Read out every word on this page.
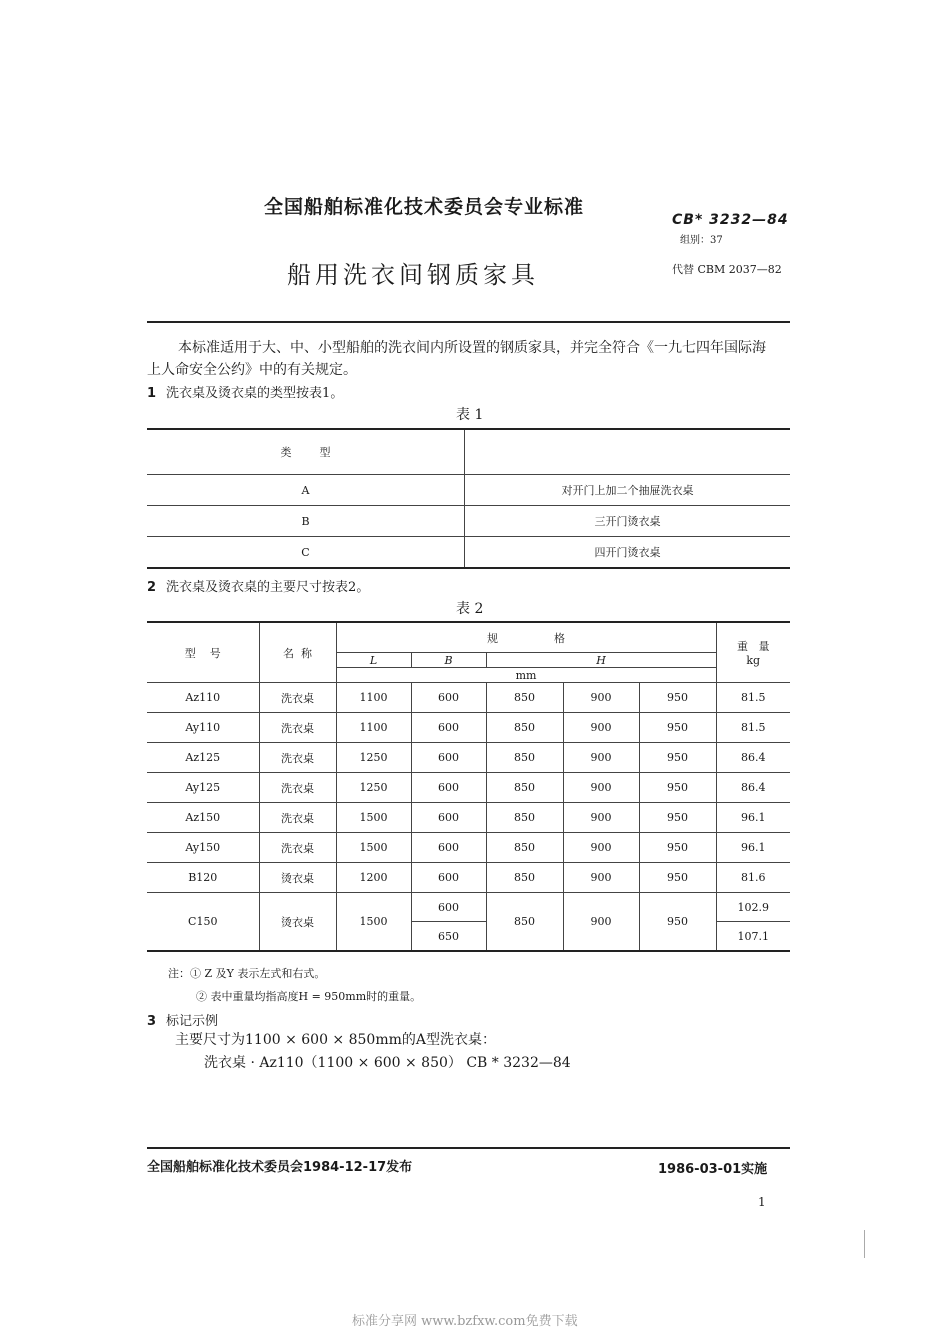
全国船舶标准化技术委员会专业标准
CB* 3232—84
组别：37
船用洗衣间钢质家具	代替 CBM 2037—82
本标准适用于大、中、小型船舶的洗衣间内所设置的钢质家具，并完全符合《一九七四年国际海
上人命安全公约》中的有关规定。
1 洗衣桌及烫衣桌的类型按表1。
表 1
类        型	
A	对开门上加二个抽屉洗衣桌
B	三开门烫衣桌
C	四开门烫衣桌
2 洗衣桌及烫衣桌的主要尺寸按表2。
表 2
型    号	名  称	规                格					重   量
kg

		L	B	H			
		mm					
Az110	洗衣桌	1100	600	850	900	950	81.5
Ay110	洗衣桌	1100	600	850	900	950	81.5
Az125	洗衣桌	1250	600	850	900	950	86.4
Ay125	洗衣桌	1250	600	850	900	950	86.4
Az150	洗衣桌	1500	600	850	900	950	96.1
Ay150	洗衣桌	1500	600	850	900	950	96.1
B120	烫衣桌	1200	600	850	900	950	81.6
C150	烫衣桌	1500	600	850	900	950	102.9
			650				107.1
注：① Z 及Y 表示左式和右式。
② 表中重量均指高度H = 950mm时的重量。
3 标记示例
主要尺寸为1100 × 600 × 850mm的A型洗衣桌：
洗衣桌 · Az110（1100 × 600 × 850） CB * 3232—84
全国船舶标准化技术委员会1984-12-17发布	1986-03-01实施
1
标准分享网 www.bzfxw.com免费下载
